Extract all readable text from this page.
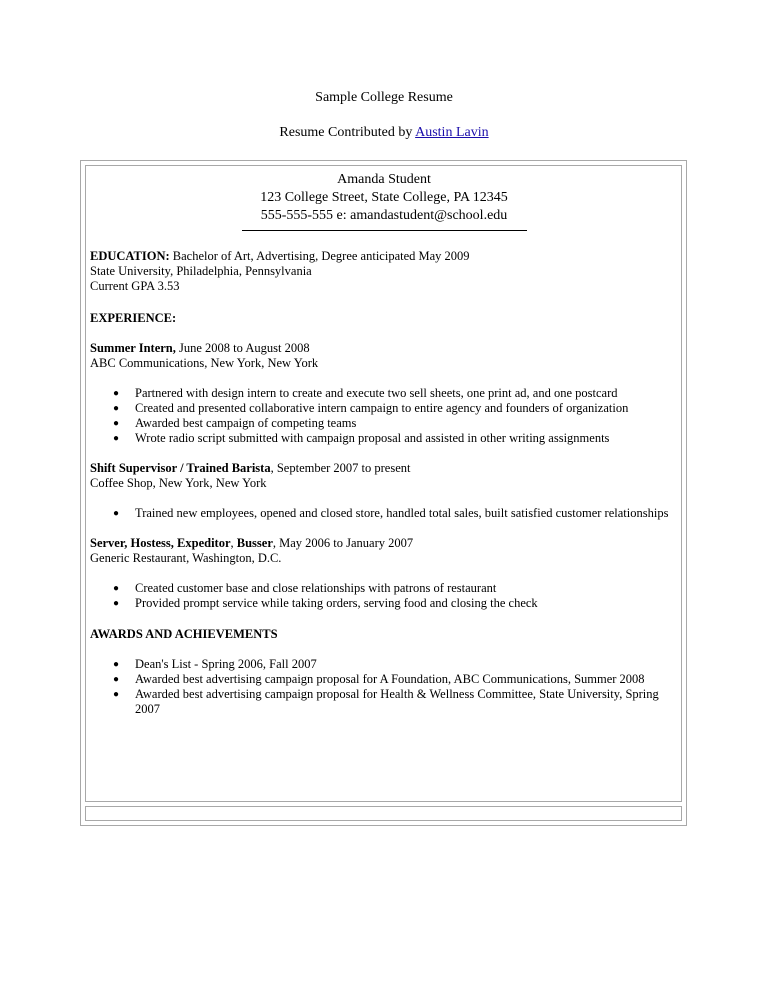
Sample College Resume
Resume Contributed by Austin Lavin
Amanda Student
123 College Street, State College, PA 12345
555-555-555 e: amandastudent@school.edu
EDUCATION: Bachelor of Art, Advertising, Degree anticipated May 2009
State University, Philadelphia, Pennsylvania
Current GPA 3.53
EXPERIENCE:
Summer Intern, June 2008 to August 2008
ABC Communications, New York, New York
● Partnered with design intern to create and execute two sell sheets, one print ad, and one postcard
● Created and presented collaborative intern campaign to entire agency and founders of organization
● Awarded best campaign of competing teams
● Wrote radio script submitted with campaign proposal and assisted in other writing assignments
Shift Supervisor / Trained Barista, September 2007 to present
Coffee Shop, New York, New York
● Trained new employees, opened and closed store, handled total sales, built satisfied customer relationships
Server, Hostess, Expeditor, Busser, May 2006 to January 2007
Generic Restaurant, Washington, D.C.
● Created customer base and close relationships with patrons of restaurant
● Provided prompt service while taking orders, serving food and closing the check
AWARDS AND ACHIEVEMENTS
● Dean's List - Spring 2006, Fall 2007
● Awarded best advertising campaign proposal for A Foundation, ABC Communications, Summer 2008
● Awarded best advertising campaign proposal for Health & Wellness Committee, State University, Spring 2007
